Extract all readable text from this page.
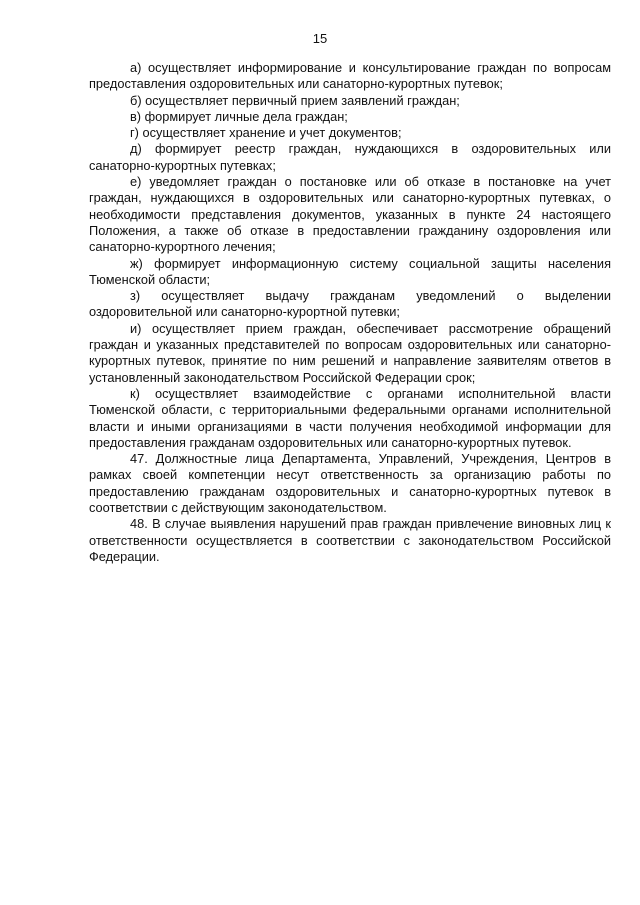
15

а) осуществляет информирование и консультирование граждан по вопросам предоставления оздоровительных или санаторно-курортных путевок;

б) осуществляет первичный прием заявлений граждан;

в) формирует личные дела граждан;

г) осуществляет хранение и учет документов;

д) формирует реестр граждан, нуждающихся в оздоровительных или санаторно-курортных путевках;

е) уведомляет граждан о постановке или об отказе в постановке на учет граждан, нуждающихся в оздоровительных или санаторно-курортных путевках, о необходимости представления документов, указанных в пункте 24 настоящего Положения, а также об отказе в предоставлении гражданину оздоровления или санаторно-курортного лечения;

ж) формирует информационную систему социальной защиты населения Тюменской области;

з) осуществляет выдачу гражданам уведомлений о выделении оздоровительной или санаторно-курортной путевки;

и) осуществляет прием граждан, обеспечивает рассмотрение обращений граждан и указанных представителей по вопросам оздоровительных или санаторно-курортных путевок, принятие по ним решений и направление заявителям ответов в установленный законодательством Российской Федерации срок;

к) осуществляет взаимодействие с органами исполнительной власти Тюменской области, с территориальными федеральными органами исполнительной власти и иными организациями в части получения необходимой информации для предоставления гражданам оздоровительных или санаторно-курортных путевок.

47. Должностные лица Департамента, Управлений, Учреждения, Центров в рамках своей компетенции несут ответственность за организацию работы по предоставлению гражданам оздоровительных и санаторно-курортных путевок в соответствии с действующим законодательством.

48. В случае выявления нарушений прав граждан привлечение виновных лиц к ответственности осуществляется в соответствии с законодательством Российской Федерации.
